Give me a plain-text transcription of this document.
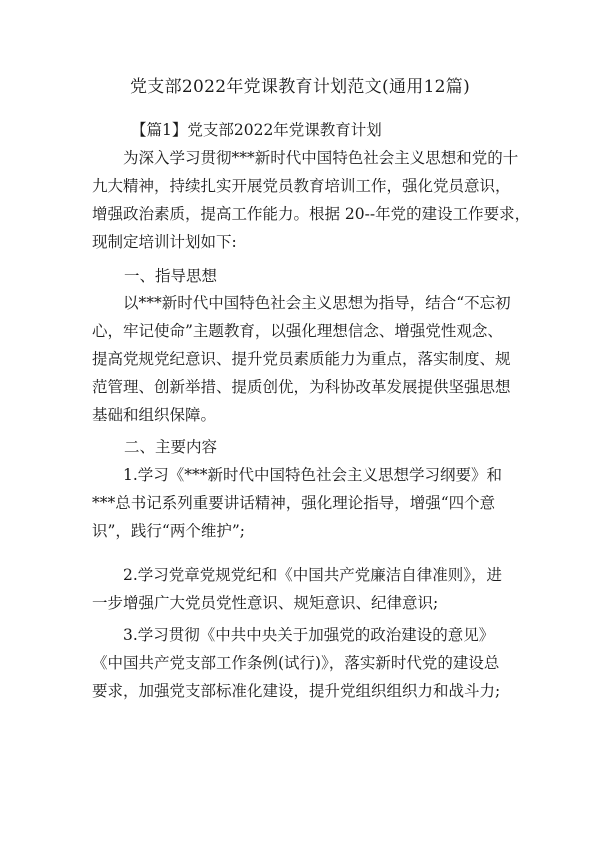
党支部2022年党课教育计划范文(通用12篇)
【篇1】党支部2022年党课教育计划
为深入学习贯彻***新时代中国特色社会主义思想和党的十
九大精神，持续扎实开展党员教育培训工作，强化党员意识，
增强政治素质，提高工作能力。根据 20--年党的建设工作要求，
现制定培训计划如下:
一、指导思想
以***新时代中国特色社会主义思想为指导，结合“不忘初
心，牢记使命”主题教育，以强化理想信念、增强党性观念、
提高党规党纪意识、提升党员素质能力为重点，落实制度、规
范管理、创新举措、提质创优，为科协改革发展提供坚强思想
基础和组织保障。
二、主要内容
1.学习《***新时代中国特色社会主义思想学习纲要》和
***总书记系列重要讲话精神，强化理论指导，增强“四个意
识”，践行“两个维护”;
2.学习党章党规党纪和《中国共产党廉洁自律准则》，进
一步增强广大党员党性意识、规矩意识、纪律意识;
3.学习贯彻《中共中央关于加强党的政治建设的意见》
《中国共产党支部工作条例(试行)》，落实新时代党的建设总
要求，加强党支部标准化建设，提升党组织组织力和战斗力;
